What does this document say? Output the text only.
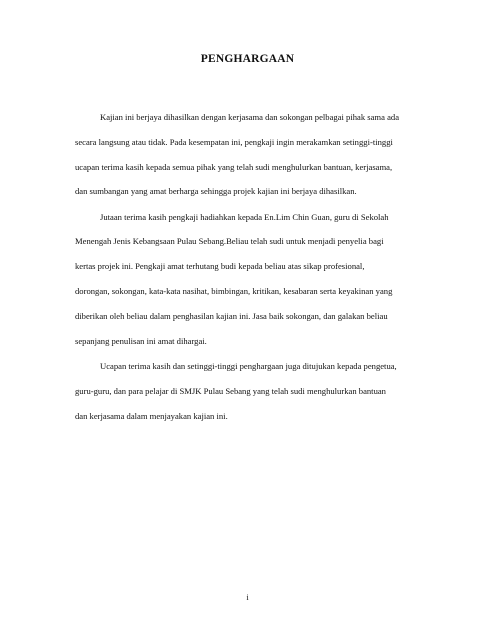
PENGHARGAAN
Kajian ini berjaya dihasilkan dengan kerjasama dan sokongan pelbagai pihak sama ada
secara langsung atau tidak. Pada kesempatan ini, pengkaji ingin merakamkan setinggi-tinggi
ucapan terima kasih kepada semua pihak yang telah sudi menghulurkan bantuan, kerjasama,
dan sumbangan yang amat berharga sehingga projek kajian ini berjaya dihasilkan.
Jutaan terima kasih pengkaji hadiahkan kepada En.Lim Chin Guan, guru di Sekolah
Menengah Jenis Kebangsaan Pulau Sebang.Beliau telah sudi untuk menjadi penyelia bagi
kertas projek ini. Pengkaji amat terhutang budi kepada beliau atas sikap profesional,
dorongan, sokongan, kata-kata nasihat, bimbingan, kritikan, kesabaran serta keyakinan yang
diberikan oleh beliau dalam penghasilan kajian ini. Jasa baik sokongan, dan galakan beliau
sepanjang penulisan ini amat dihargai.
Ucapan terima kasih dan setinggi-tinggi penghargaan juga ditujukan kepada pengetua,
guru-guru, dan para pelajar di SMJK Pulau Sebang yang telah sudi menghulurkan bantuan
dan kerjasama dalam menjayakan kajian ini.
i
